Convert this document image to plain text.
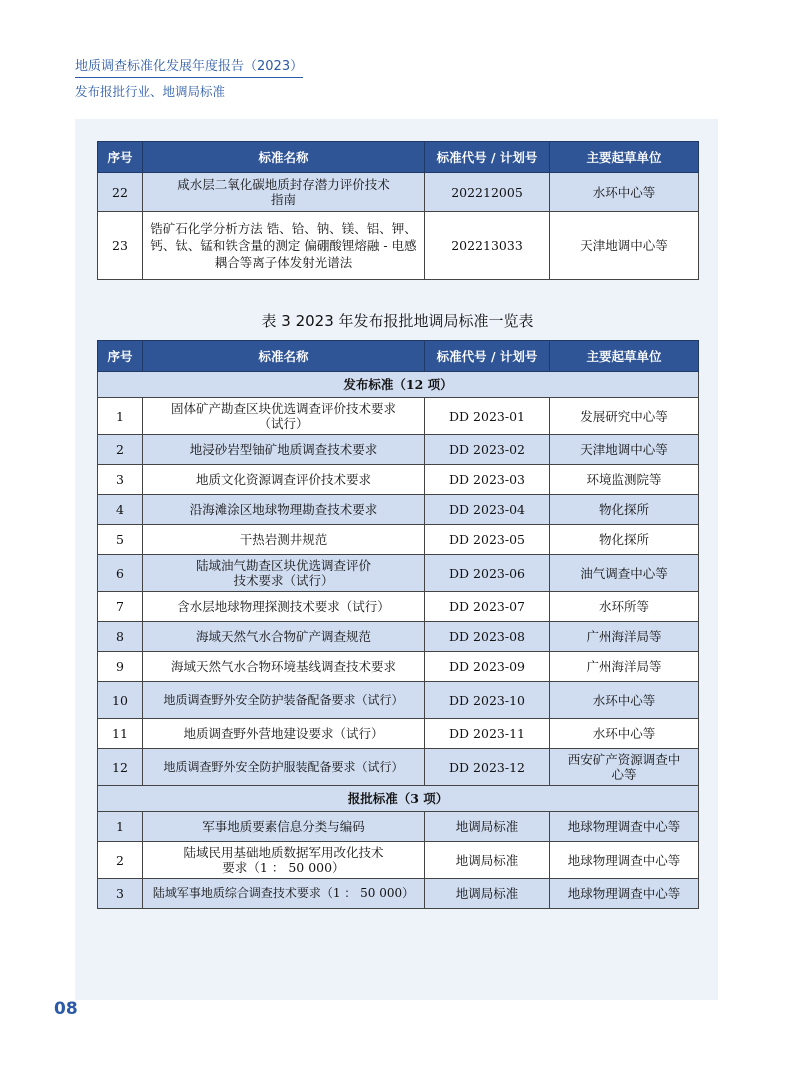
地质调查标准化发展年度报告（2023）
发布报批行业、地调局标准
序号	标准名称	标准代号 / 计划号	主要起草单位
22	咸水层二氧化碳地质封存潜力评价技术指南	202212005	水环中心等
23	锆矿石化学分析方法 锆、铪、钠、镁、铝、钾、钙、钛、锰和铁含量的测定 偏硼酸锂熔融 - 电感耦合等离子体发射光谱法	202213033	天津地调中心等
表 3 2023 年发布报批地调局标准一览表
序号	标准名称	标准代号 / 计划号	主要起草单位
发布标准（12 项）			
1	固体矿产勘查区块优选调查评价技术要求（试行）	DD 2023-01	发展研究中心等
2	地浸砂岩型铀矿地质调查技术要求	DD 2023-02	天津地调中心等
3	地质文化资源调查评价技术要求	DD 2023-03	环境监测院等
4	沿海滩涂区地球物理勘查技术要求	DD 2023-04	物化探所
5	干热岩测井规范	DD 2023-05	物化探所
6	陆域油气勘查区块优选调查评价技术要求（试行）	DD 2023-06	油气调查中心等
7	含水层地球物理探测技术要求（试行）	DD 2023-07	水环所等
8	海域天然气水合物矿产调查规范	DD 2023-08	广州海洋局等
9	海域天然气水合物环境基线调查技术要求	DD 2023-09	广州海洋局等
10	地质调查野外安全防护装备配备要求（试行）	DD 2023-10	水环中心等
11	地质调查野外营地建设要求（试行）	DD 2023-11	水环中心等
12	地质调查野外安全防护服装配备要求（试行）	DD 2023-12	西安矿产资源调查中心等
报批标准（3 项）			
1	军事地质要素信息分类与编码	地调局标准	地球物理调查中心等
2	陆域民用基础地质数据军用改化技术要求（1 ： 50 000）	地调局标准	地球物理调查中心等
3	陆域军事地质综合调查技术要求（1 ： 50 000）	地调局标准	地球物理调查中心等
08
